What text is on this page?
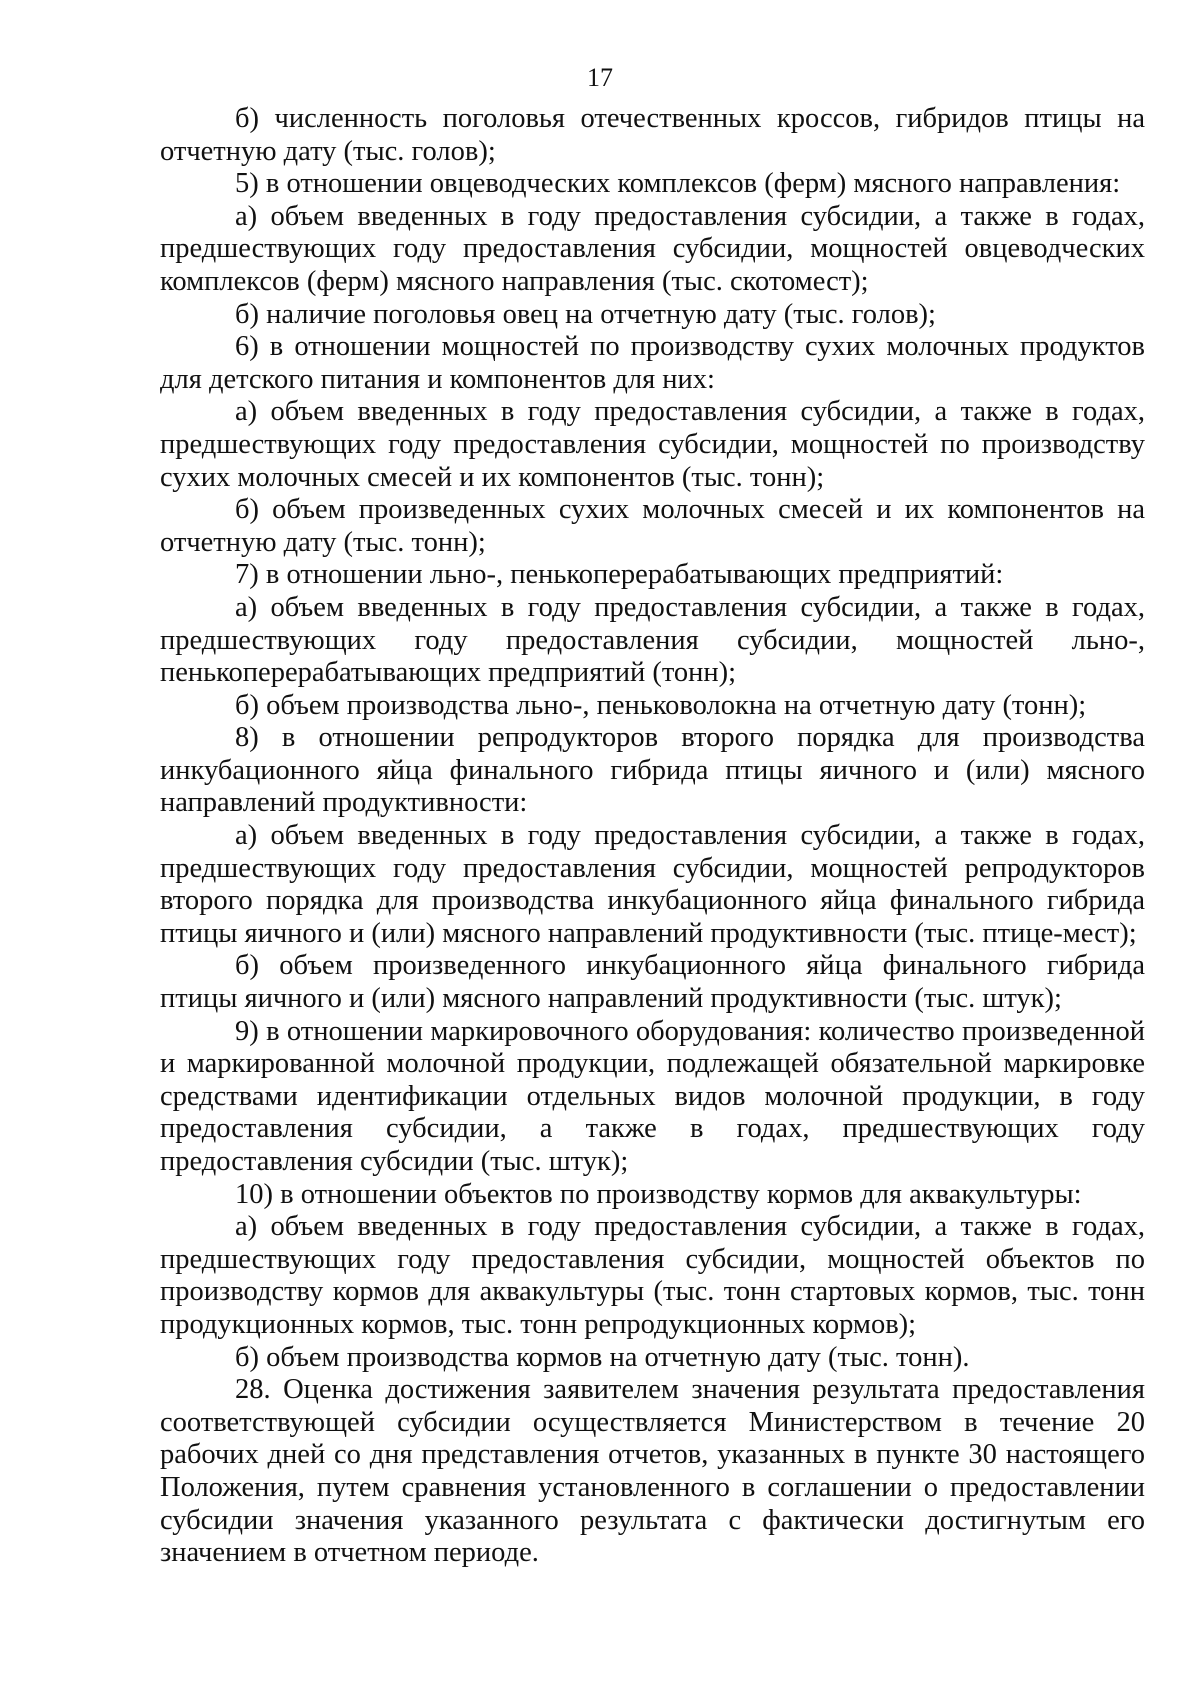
17

б) численность поголовья отечественных кроссов, гибридов птицы на отчетную дату (тыс. голов);

5) в отношении овцеводческих комплексов (ферм) мясного направления:

а) объем введенных в году предоставления субсидии, а также в годах, предшествующих году предоставления субсидии, мощностей овцеводческих комплексов (ферм) мясного направления (тыс. скотомест);

б) наличие поголовья овец на отчетную дату (тыс. голов);

6) в отношении мощностей по производству сухих молочных продуктов для детского питания и компонентов для них:

а) объем введенных в году предоставления субсидии, а также в годах, предшествующих году предоставления субсидии, мощностей по производству сухих молочных смесей и их компонентов (тыс. тонн);

б) объем произведенных сухих молочных смесей и их компонентов на отчетную дату (тыс. тонн);

7) в отношении льно-, пенькоперерабатывающих предприятий:

а) объем введенных в году предоставления субсидии, а также в годах, предшествующих году предоставления субсидии, мощностей льно-, пенькоперерабатывающих предприятий (тонн);

б) объем производства льно-, пеньковолокна на отчетную дату (тонн);

8) в отношении репродукторов второго порядка для производства инкубационного яйца финального гибрида птицы яичного и (или) мясного направлений продуктивности:

а) объем введенных в году предоставления субсидии, а также в годах, предшествующих году предоставления субсидии, мощностей репродукторов второго порядка для производства инкубационного яйца финального гибрида птицы яичного и (или) мясного направлений продуктивности (тыс. птице-мест);

б) объем произведенного инкубационного яйца финального гибрида птицы яичного и (или) мясного направлений продуктивности (тыс. штук);

9) в отношении маркировочного оборудования: количество произведенной и маркированной молочной продукции, подлежащей обязательной маркировке средствами идентификации отдельных видов молочной продукции, в году предоставления субсидии, а также в годах, предшествующих году предоставления субсидии (тыс. штук);

10) в отношении объектов по производству кормов для аквакультуры:

а) объем введенных в году предоставления субсидии, а также в годах, предшествующих году предоставления субсидии, мощностей объектов по производству кормов для аквакультуры (тыс. тонн стартовых кормов, тыс. тонн продукционных кормов, тыс. тонн репродукционных кормов);

б) объем производства кормов на отчетную дату (тыс. тонн).

28. Оценка достижения заявителем значения результата предоставления соответствующей субсидии осуществляется Министерством в течение 20 рабочих дней со дня представления отчетов, указанных в пункте 30 настоящего Положения, путем сравнения установленного в соглашении о предоставлении субсидии значения указанного результата с фактически достигнутым его значением в отчетном периоде.
